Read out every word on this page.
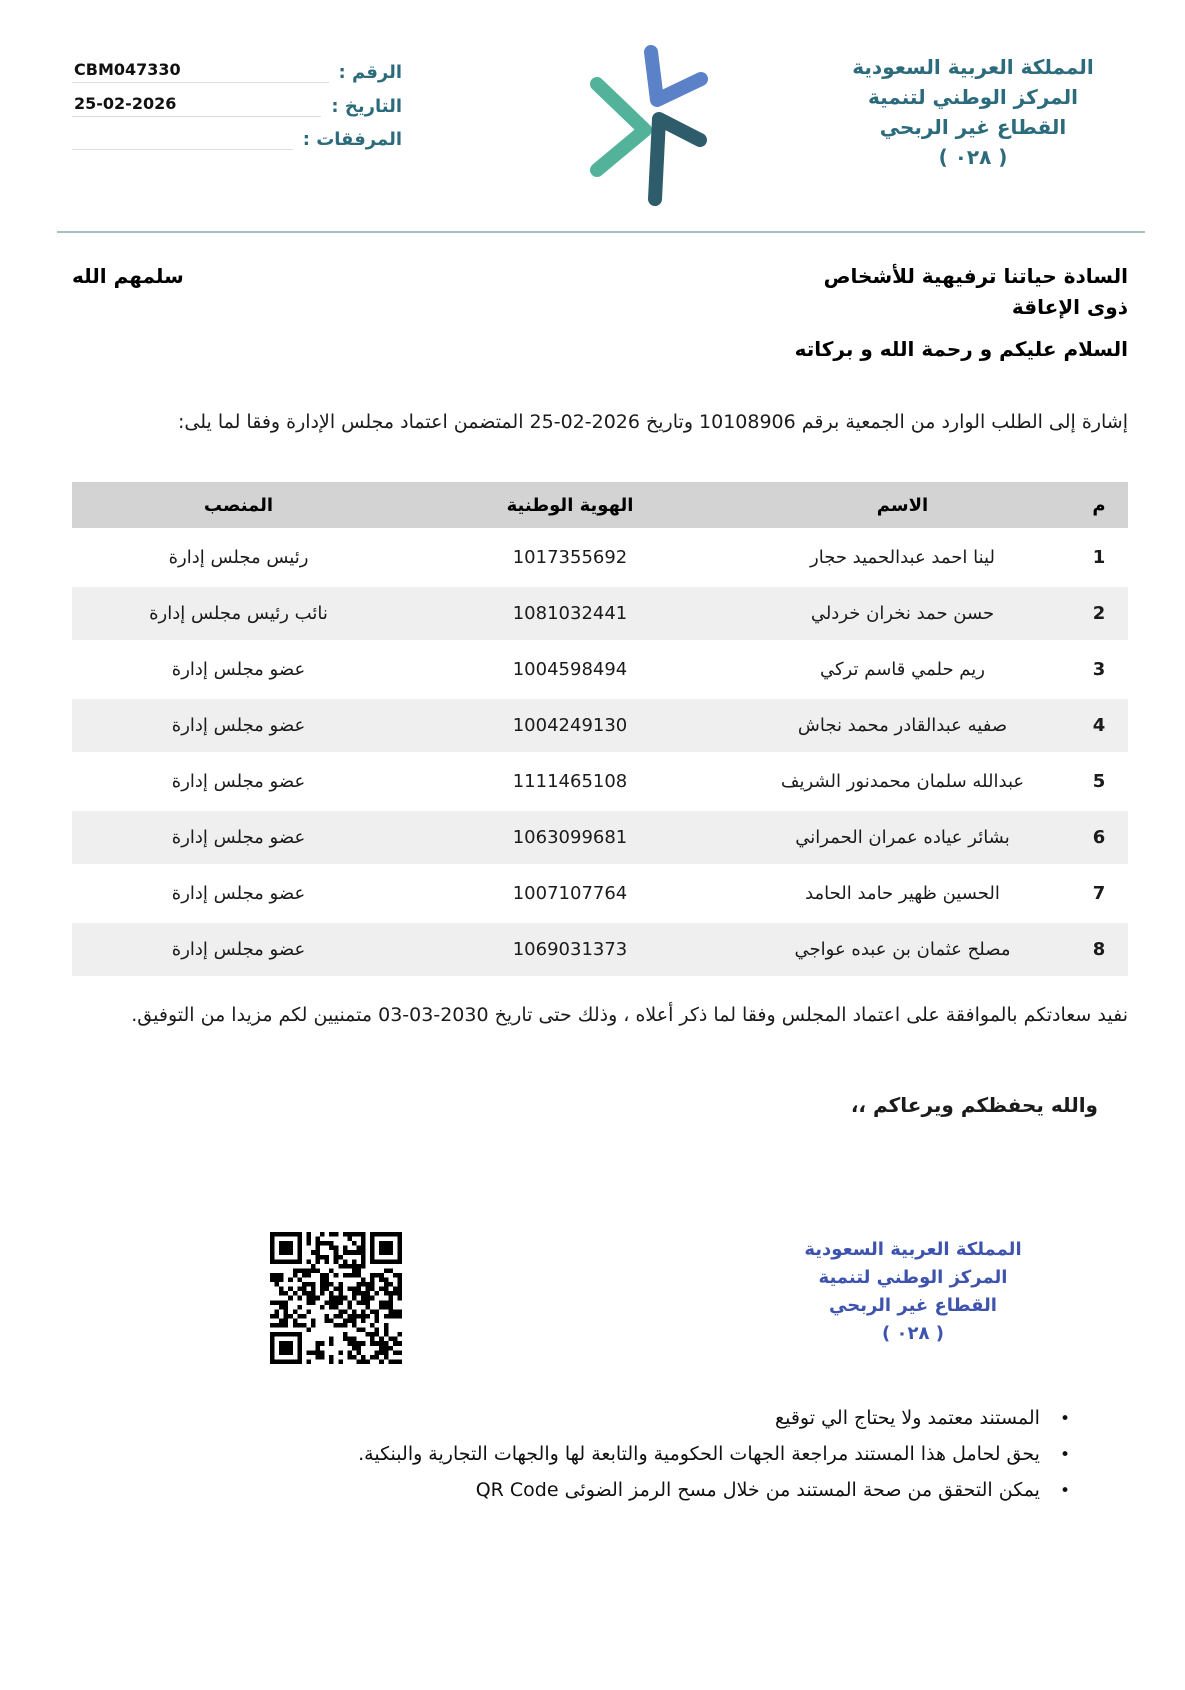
المملكة العربية السعودية
المركز الوطني لتنمية
القطاع غير الربحي
( ٠٢٨ )
الرقم :
CBM047330
التاريخ :
25-02-2026
المرفقات :
السادة حياتنا ترفيهية للأشخاص ذوى الإعاقة
سلمهم الله
السلام عليكم و رحمة الله و بركاته

إشارة إلى الطلب الوارد من الجمعية برقم 10108906 وتاريخ 2026-02-25 المتضمن اعتماد مجلس الإدارة وفقا لما يلى:

م	الاسم	الهوية الوطنية	المنصب
1	لينا احمد عبدالحميد حجار	1017355692	رئيس مجلس إدارة
2	حسن حمد نخران خردلي	1081032441	نائب رئيس مجلس إدارة
3	ريم حلمي قاسم تركي	1004598494	عضو مجلس إدارة
4	صفيه عبدالقادر محمد نجاش	1004249130	عضو مجلس إدارة
5	عبدالله سلمان محمدنور الشريف	1111465108	عضو مجلس إدارة
6	بشائر عياده عمران الحمراني	1063099681	عضو مجلس إدارة
7	الحسين ظهير حامد الحامد	1007107764	عضو مجلس إدارة
8	مصلح عثمان بن عبده عواجي	1069031373	عضو مجلس إدارة

نفيد سعادتكم بالموافقة على اعتماد المجلس وفقا لما ذكر أعلاه ، وذلك حتى تاريخ 2030-03-03 متمنيين لكم مزيدا من التوفيق.

والله يحفظكم ويرعاكم ،،
المملكة العربية السعودية
المركز الوطني لتنمية
القطاع غير الربحي
( ٠٢٨ )
• المستند معتمد ولا يحتاج الي توقيع
• يحق لحامل هذا المستند مراجعة الجهات الحكومية والتابعة لها والجهات التجارية والبنكية.
• يمكن التحقق من صحة المستند من خلال مسح الرمز الضوئى QR Code
